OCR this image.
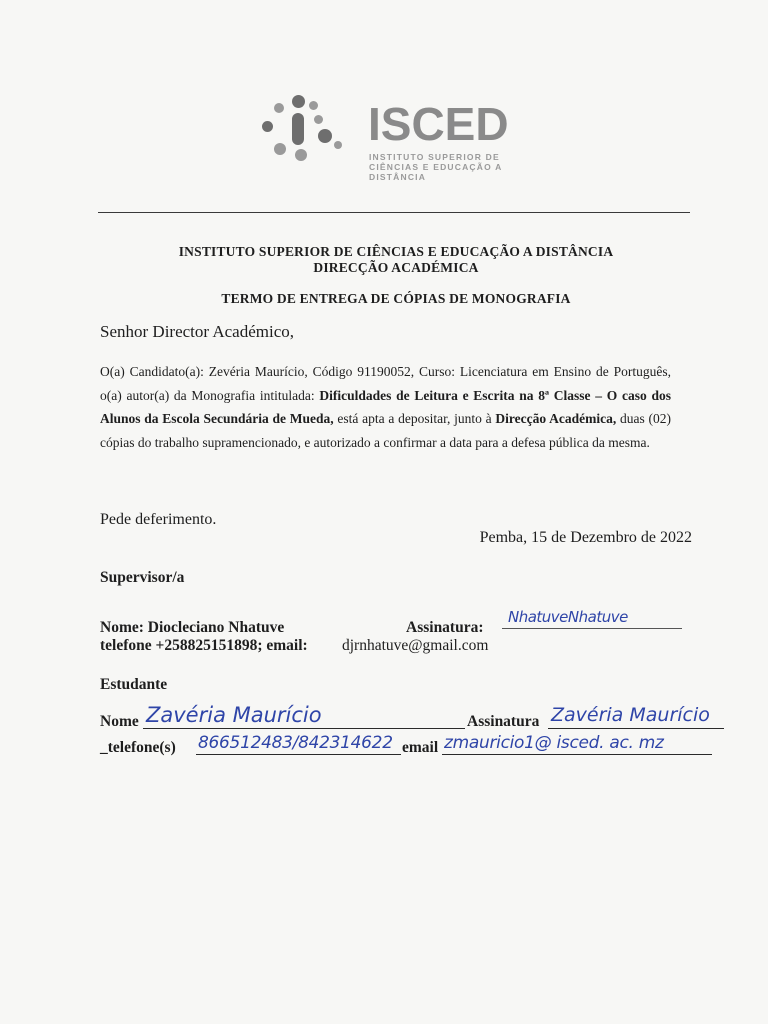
ISCED
INSTITUTO SUPERIOR DE
CIÊNCIAS E EDUCAÇÃO A
DISTÂNCIA
INSTITUTO SUPERIOR DE CIÊNCIAS E EDUCAÇÃO A DISTÂNCIA
DIRECÇÃO ACADÉMICA
TERMO DE ENTREGA DE CÓPIAS DE MONOGRAFIA
Senhor Director Académico,
O(a) Candidato(a): Zevéria Maurício, Código 91190052, Curso: Licenciatura em Ensino de Português, o(a) autor(a) da Monografia intitulada: Dificuldades de Leitura e Escrita na 8ª Classe – O caso dos Alunos da Escola Secundária de Mueda, está apta a depositar, junto à Direcção Académica, duas (02) cópias do trabalho supramencionado, e autorizado a confirmar a data para a defesa pública da mesma.
Pede deferimento.
Pemba, 15 de Dezembro de 2022
Supervisor/a
Nome: Diocleciano Nhatuve	Assinatura:
NhatuveNhatuve
telefone +258825151898; email: djrnhatuve@gmail.com
Estudante
Nome Zavéria Maurício	Assinatura Zavéria Maurício
_telefone(s) 866512483/842314622 email zmauricio1@ isced. ac. mz
